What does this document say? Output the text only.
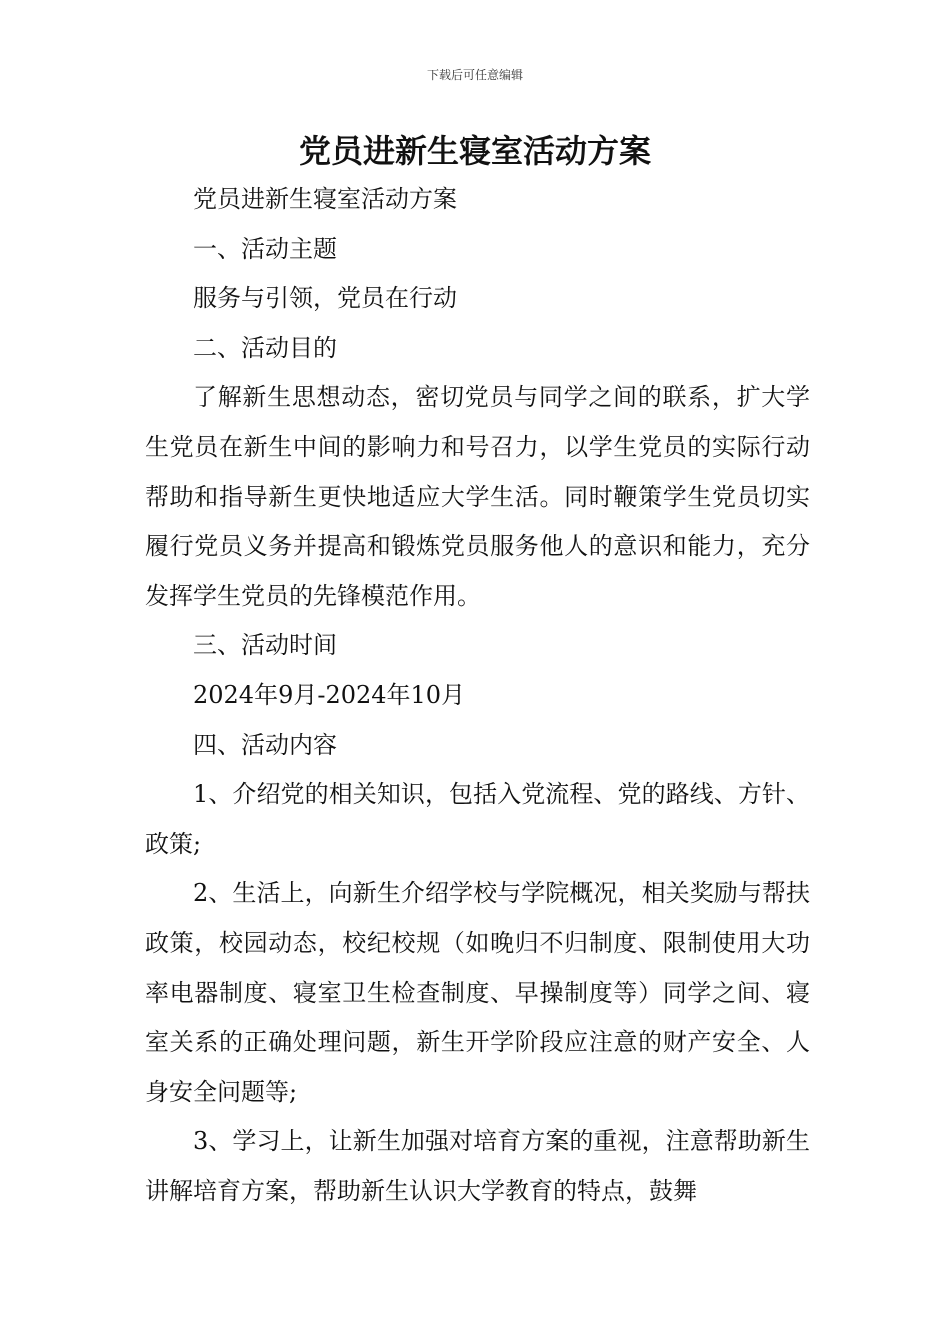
下载后可任意编辑
党员进新生寝室活动方案

党员进新生寝室活动方案

一、活动主题

服务与引领，党员在行动

二、活动目的

了解新生思想动态，密切党员与同学之间的联系，扩大学生党员在新生中间的影响力和号召力，以学生党员的实际行动帮助和指导新生更快地适应大学生活。同时鞭策学生党员切实履行党员义务并提高和锻炼党员服务他人的意识和能力，充分发挥学生党员的先锋模范作用。

三、活动时间

2024年9月-2024年10月

四、活动内容

1、介绍党的相关知识，包括入党流程、党的路线、方针、政策;

2、生活上，向新生介绍学校与学院概况，相关奖励与帮扶政策，校园动态，校纪校规（如晚归不归制度、限制使用大功率电器制度、寝室卫生检查制度、早操制度等）同学之间、寝室关系的正确处理问题，新生开学阶段应注意的财产安全、人身安全问题等;

3、学习上，让新生加强对培育方案的重视，注意帮助新生讲解培育方案，帮助新生认识大学教育的特点，鼓舞
